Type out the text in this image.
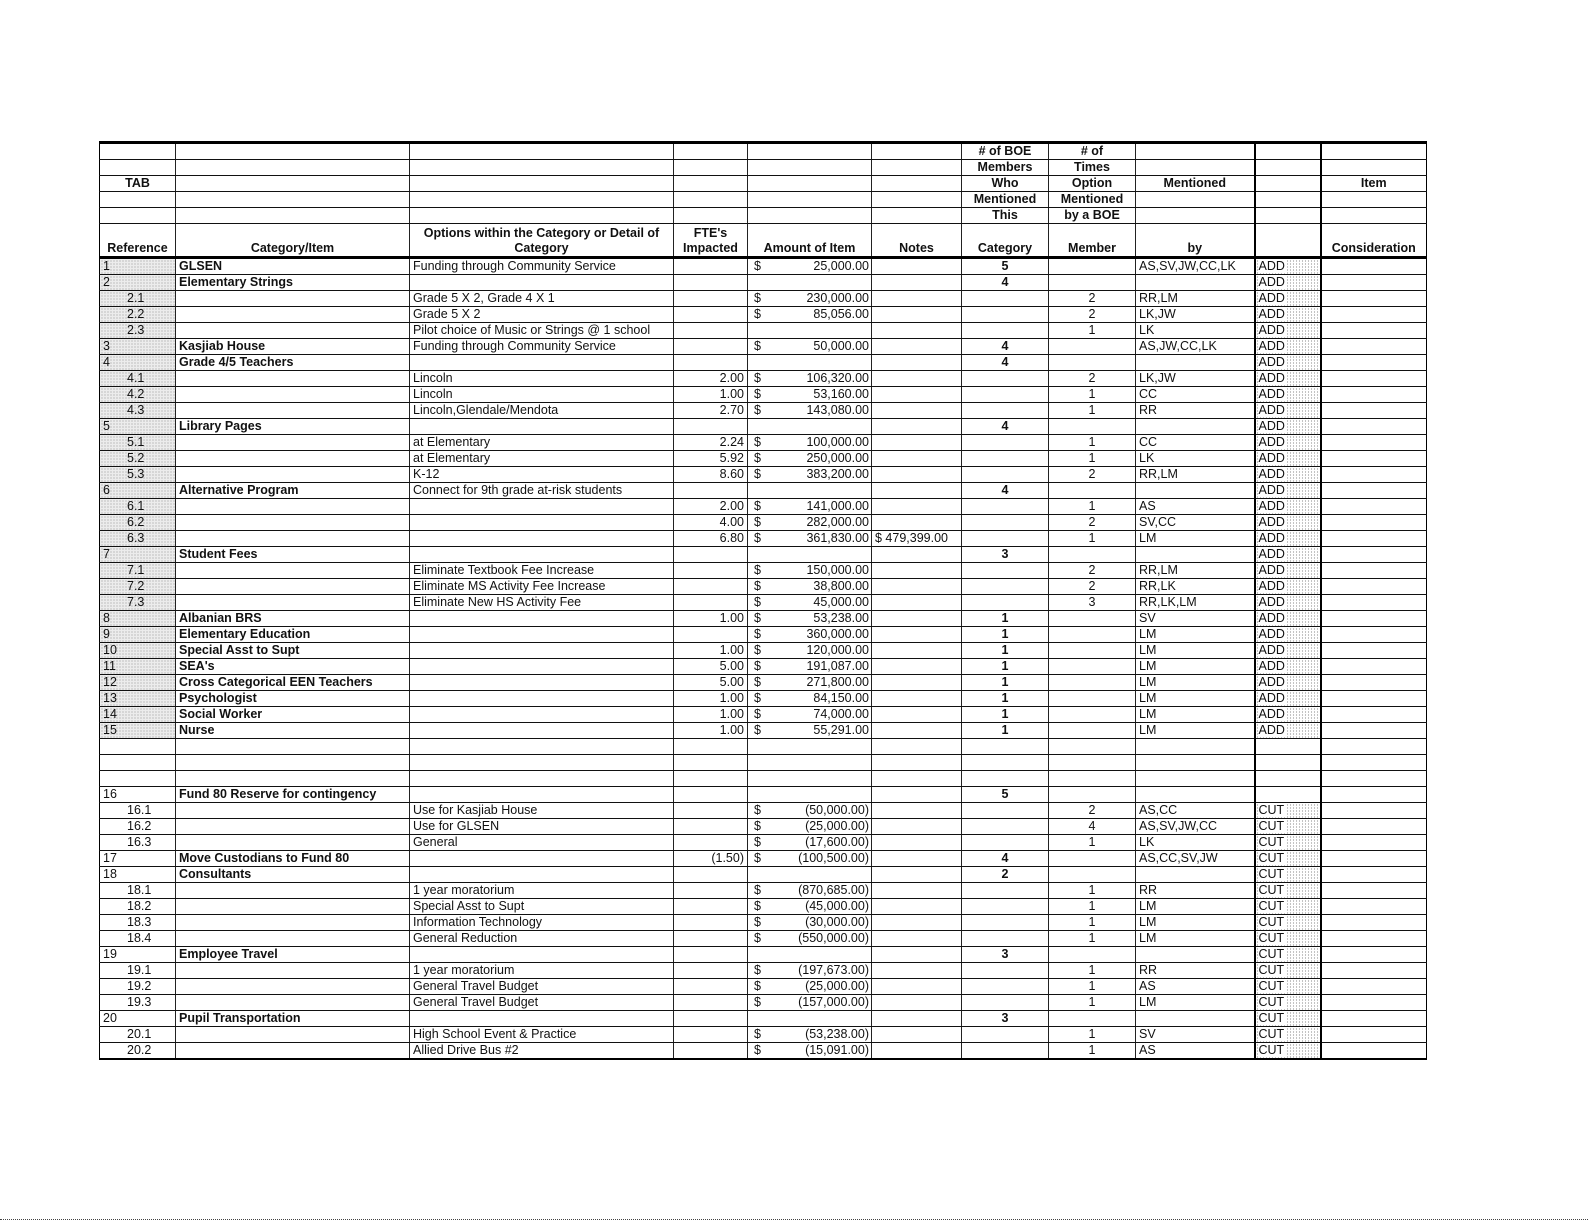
						# of BOE	# of			
						Members	Times			
TAB						Who	Option	Mentioned		Item
						Mentioned	Mentioned			
						This	by a BOE			
Reference	Category/Item	Options within the Category or Detail of Category	FTE's Impacted	Amount of Item	Notes	Category	Member	by		Consideration
1	GLSEN	Funding through Community Service		$ 25,000.00		5		AS,SV,JW,CC,LK	ADD	
2	Elementary Strings					4			ADD	
2.1		Grade 5 X 2, Grade 4 X 1		$ 230,000.00			2	RR,LM	ADD	
2.2		Grade 5 X 2		$ 85,056.00			2	LK,JW	ADD	
2.3		Pilot choice of Music or Strings @ 1 school					1	LK	ADD	
3	Kasjiab House	Funding through Community Service		$ 50,000.00		4		AS,JW,CC,LK	ADD	
4	Grade 4/5 Teachers					4			ADD	
4.1		Lincoln	2.00	$ 106,320.00			2	LK,JW	ADD	
4.2		Lincoln	1.00	$ 53,160.00			1	CC	ADD	
4.3		Lincoln,Glendale/Mendota	2.70	$ 143,080.00			1	RR	ADD	
5	Library Pages					4			ADD	
5.1		at Elementary	2.24	$ 100,000.00			1	CC	ADD	
5.2		at Elementary	5.92	$ 250,000.00			1	LK	ADD	
5.3		K-12	8.60	$ 383,200.00			2	RR,LM	ADD	
6	Alternative Program	Connect for 9th grade at-risk students				4			ADD	
6.1			2.00	$ 141,000.00			1	AS	ADD	
6.2			4.00	$ 282,000.00			2	SV,CC	ADD	
6.3			6.80	$ 361,830.00	$ 479,399.00		1	LM	ADD	
7	Student Fees					3			ADD	
7.1		Eliminate Textbook Fee Increase		$ 150,000.00			2	RR,LM	ADD	
7.2		Eliminate MS Activity Fee Increase		$ 38,800.00			2	RR,LK	ADD	
7.3		Eliminate New HS Activity Fee		$ 45,000.00			3	RR,LK,LM	ADD	
8	Albanian BRS		1.00	$ 53,238.00		1		SV	ADD	
9	Elementary Education			$ 360,000.00		1		LM	ADD	
10	Special Asst to Supt		1.00	$ 120,000.00		1		LM	ADD	
11	SEA's		5.00	$ 191,087.00		1		LM	ADD	
12	Cross Categorical EEN Teachers		5.00	$ 271,800.00		1		LM	ADD	
13	Psychologist		1.00	$ 84,150.00		1		LM	ADD	
14	Social Worker		1.00	$ 74,000.00		1		LM	ADD	
15	Nurse		1.00	$ 55,291.00		1		LM	ADD	

16	Fund 80 Reserve for contingency					5				
16.1		Use for Kasjiab House		$ (50,000.00)			2	AS,CC	CUT	
16.2		Use for GLSEN		$ (25,000.00)			4	AS,SV,JW,CC	CUT	
16.3		General		$ (17,600.00)			1	LK	CUT	
17	Move Custodians to Fund 80		(1.50)	$ (100,500.00)		4		AS,CC,SV,JW	CUT	
18	Consultants					2			CUT	
18.1		1 year moratorium		$ (870,685.00)			1	RR	CUT	
18.2		Special Asst to Supt		$ (45,000.00)			1	LM	CUT	
18.3		Information Technology		$ (30,000.00)			1	LM	CUT	
18.4		General Reduction		$ (550,000.00)			1	LM	CUT	
19	Employee Travel					3			CUT	
19.1		1 year moratorium		$ (197,673.00)			1	RR	CUT	
19.2		General Travel Budget		$ (25,000.00)			1	AS	CUT	
19.3		General Travel Budget		$ (157,000.00)			1	LM	CUT	
20	Pupil Transportation					3			CUT	
20.1		High School Event & Practice		$ (53,238.00)			1	SV	CUT	
20.2		Allied Drive Bus #2		$ (15,091.00)			1	AS	CUT	
